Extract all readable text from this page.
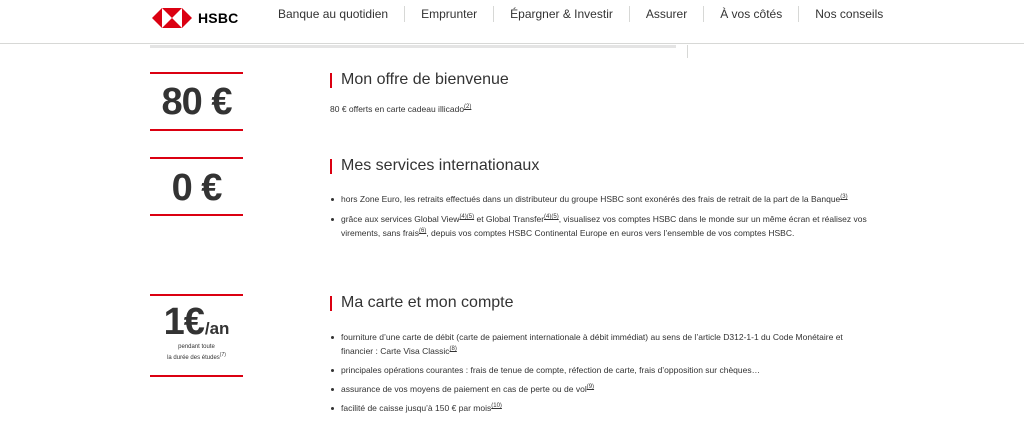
HSBC	Banque au quotidien	Emprunter	Épargner & Investir	Assurer	À vos côtés	Nos conseils
80 €
0 €
1€ /an
pendant toute
la durée des études$^{(7)}$
Mon offre de bienvenue

80 € offerts en carte cadeau illicado$^{(2)}$

Mes services internationaux
hors Zone Euro, les retraits effectués dans un distributeur du groupe HSBC sont exonérés des frais de retrait de la part de la Banque$^{(3)}$
grâce aux services Global View$^{(4)(5)}$ et Global Transfer$^{(4)(5)}$, visualisez vos comptes HSBC dans le monde sur un même écran et réalisez vos virements, sans frais$^{(6)}$, depuis vos comptes HSBC Continental Europe en euros vers l’ensemble de vos comptes HSBC.
Ma carte et mon compte
fourniture d’une carte de débit (carte de paiement internationale à débit immédiat) au sens de l’article D312-1-1 du Code Monétaire et financier : Carte Visa Classic$^{(8)}$
principales opérations courantes : frais de tenue de compte, réfection de carte, frais d’opposition sur chèques…
assurance de vos moyens de paiement en cas de perte ou de vol$^{(9)}$
facilité de caisse jusqu’à 150 € par mois$^{(10)}$
